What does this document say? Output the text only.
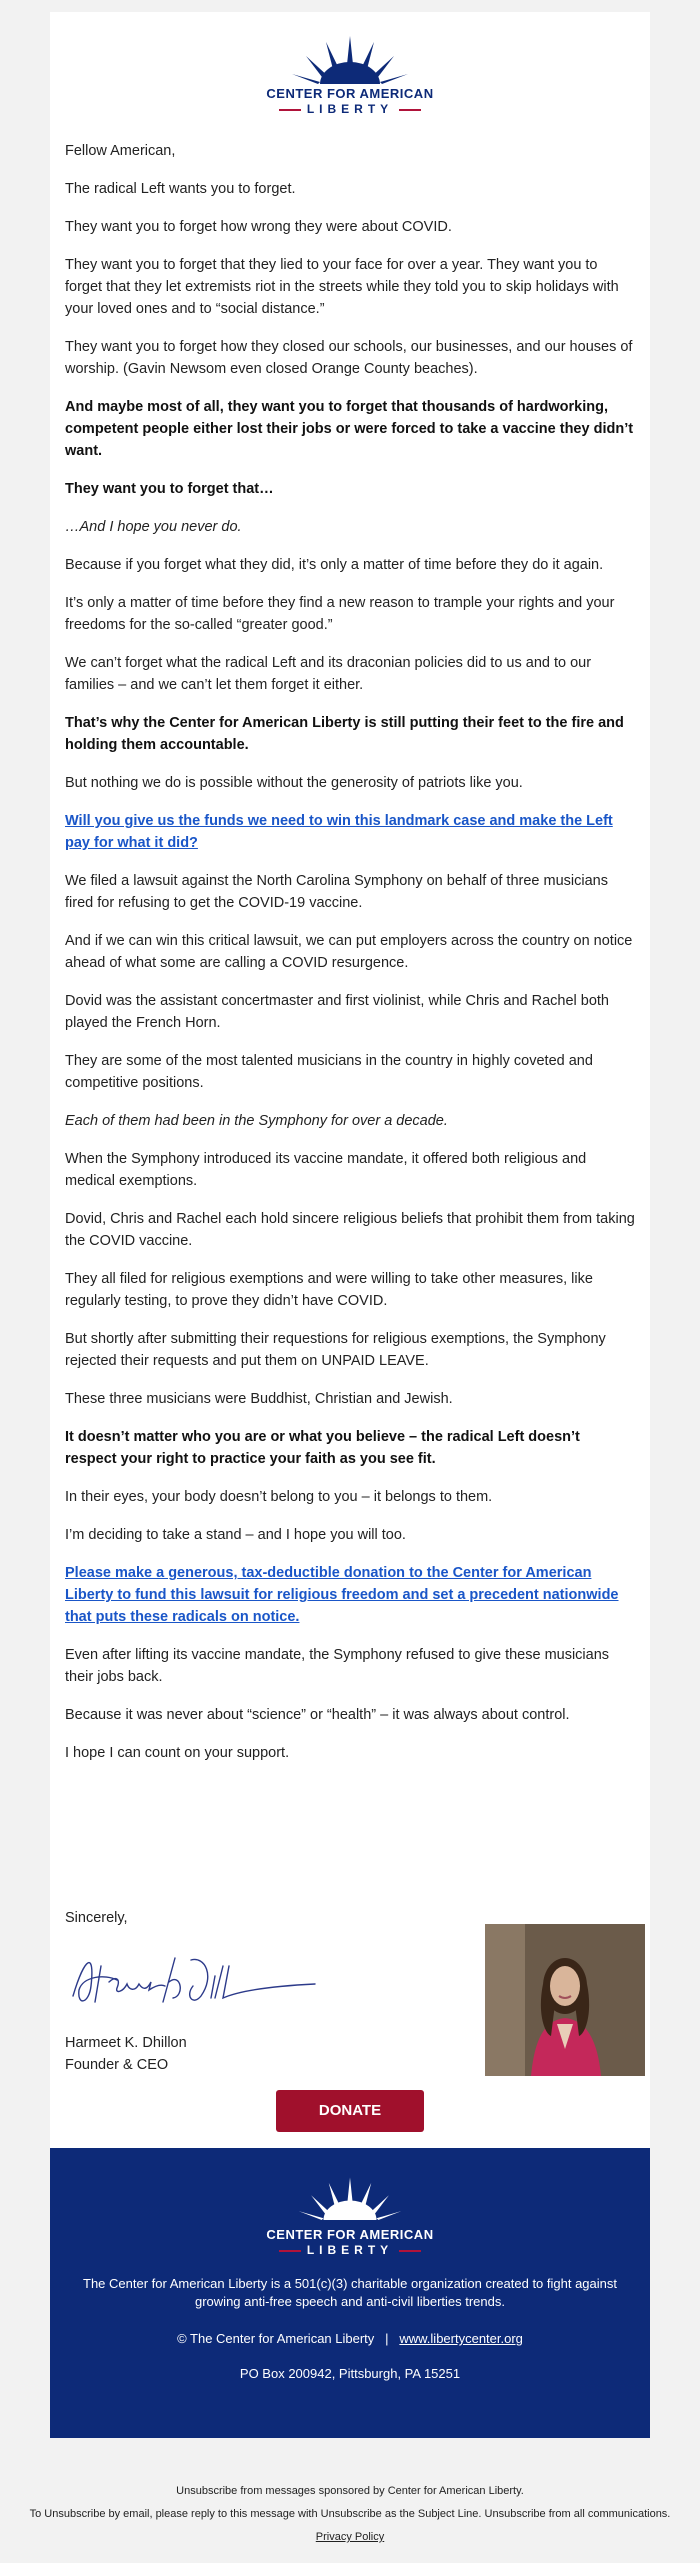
CENTER FOR AMERICAN
LIBERTY

Fellow American,

The radical Left wants you to forget.

They want you to forget how wrong they were about COVID.

They want you to forget that they lied to your face for over a year. They want you to forget that they let extremists riot in the streets while they told you to skip holidays with your loved ones and to “social distance.”

They want you to forget how they closed our schools, our businesses, and our houses of worship. (Gavin Newsom even closed Orange County beaches).

And maybe most of all, they want you to forget that thousands of hardworking, competent people either lost their jobs or were forced to take a vaccine they didn’t want.

They want you to forget that…

…And I hope you never do.

Because if you forget what they did, it’s only a matter of time before they do it again.

It’s only a matter of time before they find a new reason to trample your rights and your freedoms for the so-called “greater good.”

We can’t forget what the radical Left and its draconian policies did to us and to our families – and we can’t let them forget it either.

That’s why the Center for American Liberty is still putting their feet to the fire and holding them accountable.

But nothing we do is possible without the generosity of patriots like you.

Will you give us the funds we need to win this landmark case and make the Left pay for what it did?

We filed a lawsuit against the North Carolina Symphony on behalf of three musicians fired for refusing to get the COVID-19 vaccine.

And if we can win this critical lawsuit, we can put employers across the country on notice ahead of what some are calling a COVID resurgence.

Dovid was the assistant concertmaster and first violinist, while Chris and Rachel both played the French Horn.

They are some of the most talented musicians in the country in highly coveted and competitive positions.

Each of them had been in the Symphony for over a decade.

When the Symphony introduced its vaccine mandate, it offered both religious and medical exemptions.

Dovid, Chris and Rachel each hold sincere religious beliefs that prohibit them from taking the COVID vaccine.

They all filed for religious exemptions and were willing to take other measures, like regularly testing, to prove they didn’t have COVID.

But shortly after submitting their requestions for religious exemptions, the Symphony rejected their requests and put them on UNPAID LEAVE.

These three musicians were Buddhist, Christian and Jewish.

It doesn’t matter who you are or what you believe – the radical Left doesn’t respect your right to practice your faith as you see fit.

In their eyes, your body doesn’t belong to you – it belongs to them.

I’m deciding to take a stand – and I hope you will too.

Please make a generous, tax-deductible donation to the Center for American Liberty to fund this lawsuit for religious freedom and set a precedent nationwide that puts these radicals on notice.

Even after lifting its vaccine mandate, the Symphony refused to give these musicians their jobs back.

Because it was never about “science” or “health” – it was always about control.

I hope I can count on your support.

Sincerely,
Harmeet K. Dhillon
Founder & CEO
DONATE
CENTER FOR AMERICAN
LIBERTY

The Center for American Liberty is a 501(c)(3) charitable organization created to fight against growing anti-free speech and anti-civil liberties trends.

© The Center for American Liberty | www.libertycenter.org
PO Box 200942, Pittsburgh, PA 15251
Unsubscribe from messages sponsored by Center for American Liberty.
To Unsubscribe by email, please reply to this message with Unsubscribe as the Subject Line. Unsubscribe from all communications.
Privacy Policy
